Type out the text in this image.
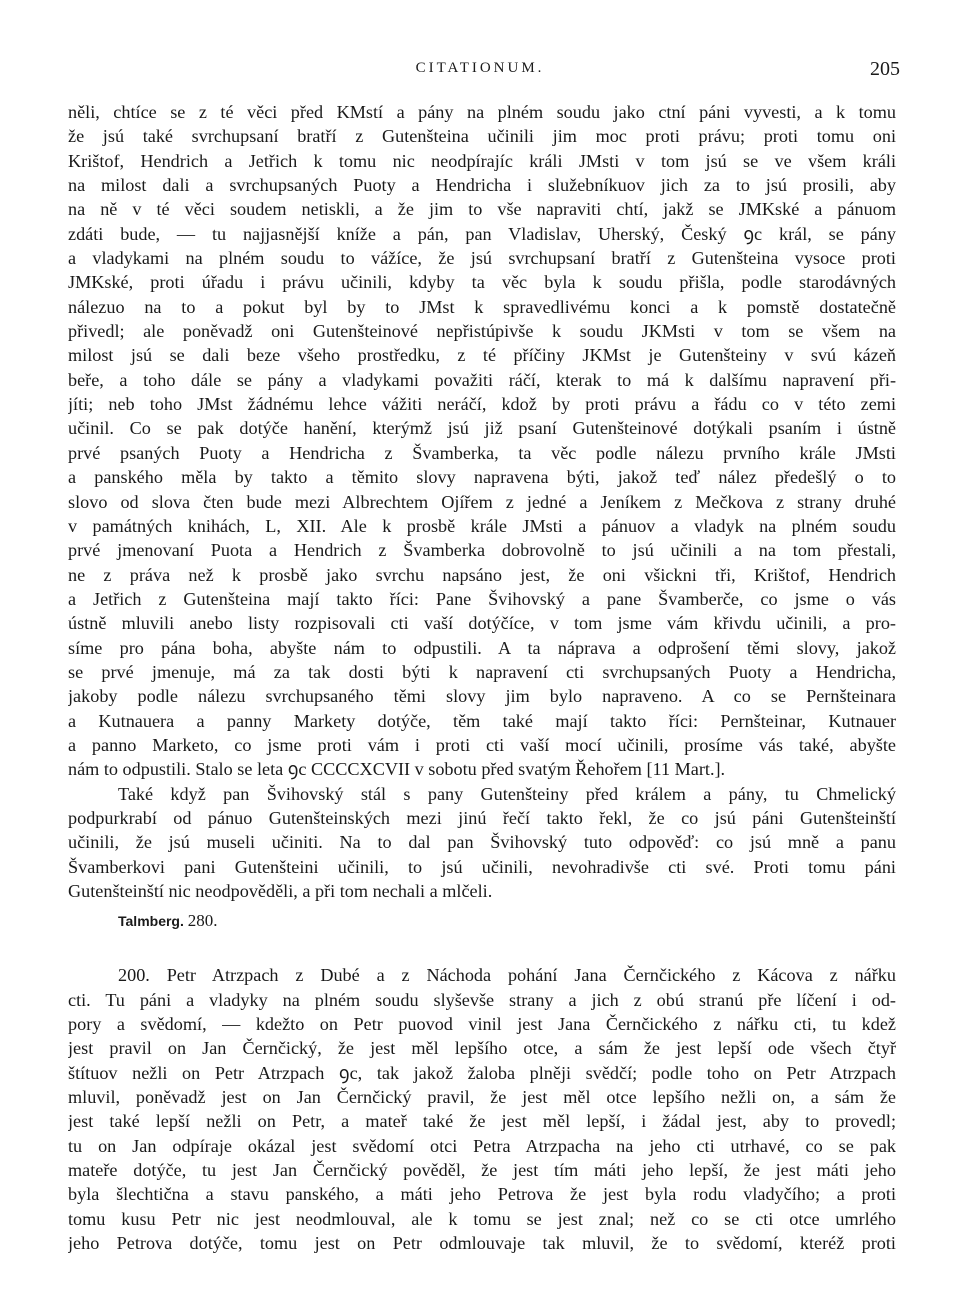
CITATIONUM.	205
něli, chtíce se z té věci před KMstí a pány na plném soudu jako ctní páni vyvesti, a k tomu
že jsú také svrchupsaní bratří z Gutenšteina učinili jim moc proti právu; proti tomu oni
Krištof, Hendrich a Jetřich k tomu nic neodpírajíc králi JMsti v tom jsú se ve všem králi
na milost dali a svrchupsaných Puoty a Hendricha i služebníkuov jich za to jsú prosili, aby
na ně v té věci soudem netiskli, a že jim to vše napraviti chtí, jakž se JMKské a pánuom
zdáti bude, — tu najjasnější kníže a pán, pan Vladislav, Uherský, Český ꝯc král, se pány
a vladykami na plném soudu to vážíce, že jsú svrchupsaní bratří z Gutenšteina vysoce proti
JMKské, proti úřadu i právu učinili, kdyby ta věc byla k soudu přišla, podle starodávných
nálezuo na to a pokut byl by to JMst k spravedlivému konci a k pomstě dostatečně
přivedl; ale poněvadž oni Gutenšteinové nepřistúpivše k soudu JKMsti v tom se všem na
milost jsú se dali beze všeho prostředku, z té příčiny JKMst je Gutenšteiny v svú kázeň
beře, a toho dále se pány a vladykami považiti ráčí, kterak to má k dalšímu napravení při-
jíti; neb toho JMst žádnému lehce vážiti neráčí, kdož by proti právu a řádu co v této zemi
učinil. Co se pak dotýče hanění, kterýmž jsú již psaní Gutenšteinové dotýkali psaním i ústně
prvé psaných Puoty a Hendricha z Švamberka, ta věc podle nálezu prvního krále JMsti
a panského měla by takto a těmito slovy napravena býti, jakož teď nález předešlý o to
slovo od slova čten bude mezi Albrechtem Ojířem z jedné a Jeníkem z Mečkova z strany druhé
v památných knihách, L, XII. Ale k prosbě krále JMsti a pánuov a vladyk na plném soudu
prvé jmenovaní Puota a Hendrich z Švamberka dobrovolně to jsú učinili a na tom přestali,
ne z práva než k prosbě jako svrchu napsáno jest, že oni všickni tři, Krištof, Hendrich
a Jetřich z Gutenšteina mají takto říci: Pane Švihovský a pane Švamberče, co jsme o vás
ústně mluvili anebo listy rozpisovali cti vaší dotýčíce, v tom jsme vám křivdu učinili, a pro-
síme pro pána boha, abyšte nám to odpustili. A ta náprava a odprošení těmi slovy, jakož
se prvé jmenuje, má za tak dosti býti k napravení cti svrchupsaných Puoty a Hendricha,
jakoby podle nálezu svrchupsaného těmi slovy jim bylo napraveno. A co se Pernšteinara
a Kutnauera a panny Markety dotýče, těm také mají takto říci: Pernšteinar, Kutnauer
a panno Marketo, co jsme proti vám i proti cti vaší mocí učinili, prosíme vás také, abyšte
nám to odpustili. Stalo se leta ꝯc CCCCXCVII v sobotu před svatým Řehořem [11 Mart.].
Také když pan Švihovský stál s pany Gutenšteiny před králem a pány, tu Chmelický
podpurkrabí od pánuo Gutenšteinských mezi jinú řečí takto řekl, že co jsú páni Gutenšteinští
učinili, že jsú museli učiniti. Na to dal pan Švihovský tuto odpověď: co jsú mně a panu
Švamberkovi pani Gutenšteini učinili, to jsú učinili, nevohradivše cti své. Proti tomu páni
Gutenšteinští nic neodpověděli, a při tom nechali a mlčeli.
Talmberg. 280.
200. Petr Atrzpach z Dubé a z Náchoda pohání Jana Černčického z Kácova z nářku
cti. Tu páni a vladyky na plném soudu slyševše strany a jich z obú stranú pře líčení i od-
pory a svědomí, — kdežto on Petr puovod vinil jest Jana Černčického z nářku cti, tu kdež
jest pravil on Jan Černčický, že jest měl lepšího otce, a sám že jest lepší ode všech čtyř
štítuov nežli on Petr Atrzpach ꝯc, tak jakož žaloba plněji svědčí; podle toho on Petr Atrzpach
mluvil, poněvadž jest on Jan Černčický pravil, že jest měl otce lepšího nežli on, a sám že
jest také lepší nežli on Petr, a mateř také že jest měl lepší, i žádal jest, aby to provedl;
tu on Jan odpíraje okázal jest svědomí otci Petra Atrzpacha na jeho cti utrhavé, co se pak
mateře dotýče, tu jest Jan Černčický pověděl, že jest tím máti jeho lepší, že jest máti jeho
byla šlechtična a stavu panského, a máti jeho Petrova že jest byla rodu vladyčího; a proti
tomu kusu Petr nic jest neodmlouval, ale k tomu se jest znal; než co se cti otce umrlého
jeho Petrova dotýče, tomu jest on Petr odmlouvaje tak mluvil, že to svědomí, kteréž proti
